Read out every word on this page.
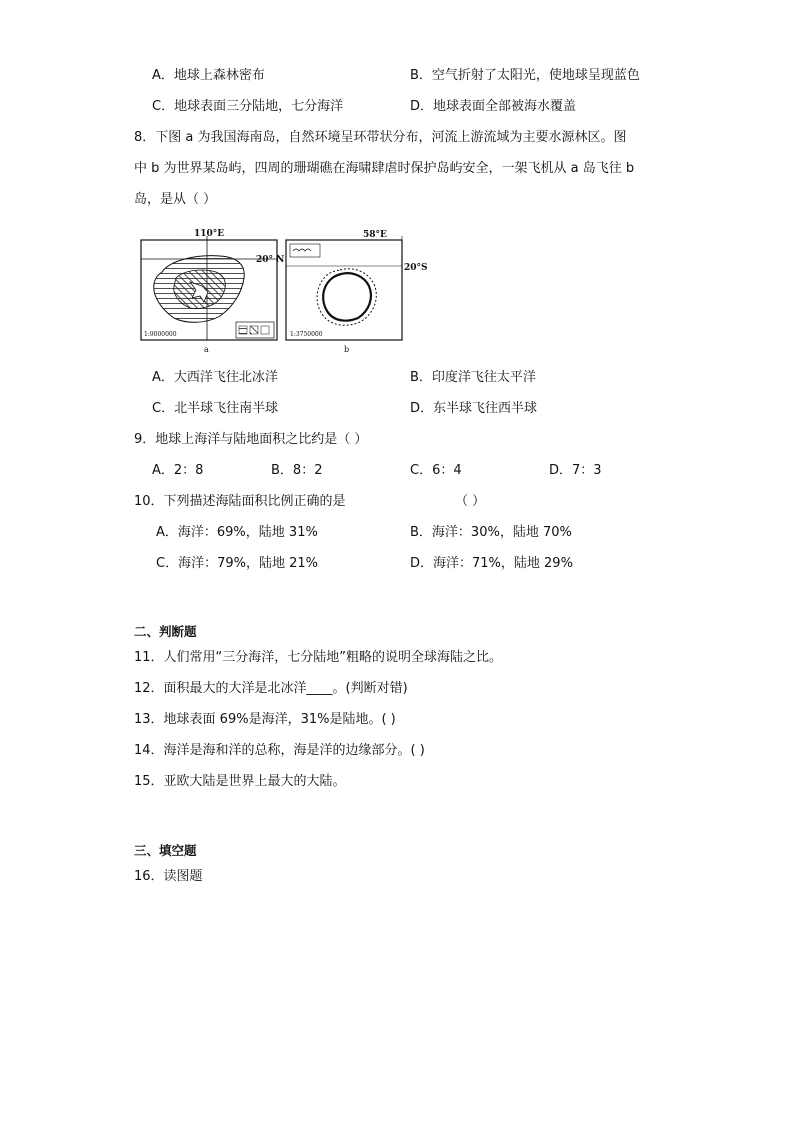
A．地球上森林密布	B．空气折射了太阳光，使地球呈现蓝色
C．地球表面三分陆地，七分海洋	D．地球表面全部被海水覆盖
8．下图 a 为我国海南岛，自然环境呈环带状分布，河流上游流域为主要水源林区。图
中 b 为世界某岛屿，四周的珊瑚礁在海啸肆虐时保护岛屿安全，一架飞机从 a 岛飞往 b
岛，是从（ ）
110°E
20° N
1:9000000
a
58°E
20°S
1:3750000
b
A．大西洋飞往北冰洋	B．印度洋飞往太平洋
C．北半球飞往南半球	D．东半球飞往西半球
9．地球上海洋与陆地面积之比约是（ ）
A．2：8	B．8：2	C．6：4	D．7：3
10．下列描述海陆面积比例正确的是	（ ）
A．海洋：69%，陆地 31%	B．海洋：30%，陆地 70%
C．海洋：79%，陆地 21%	D．海洋：71%，陆地 29%
二、判断题
11．人们常用“三分海洋，七分陆地”粗略的说明全球海陆之比。
12．面积最大的大洋是北冰洋____。(判断对错)
13．地球表面 69%是海洋，31%是陆地。( )
14．海洋是海和洋的总称，海是洋的边缘部分。( )
15．亚欧大陆是世界上最大的大陆。
三、填空题
16．读图题
